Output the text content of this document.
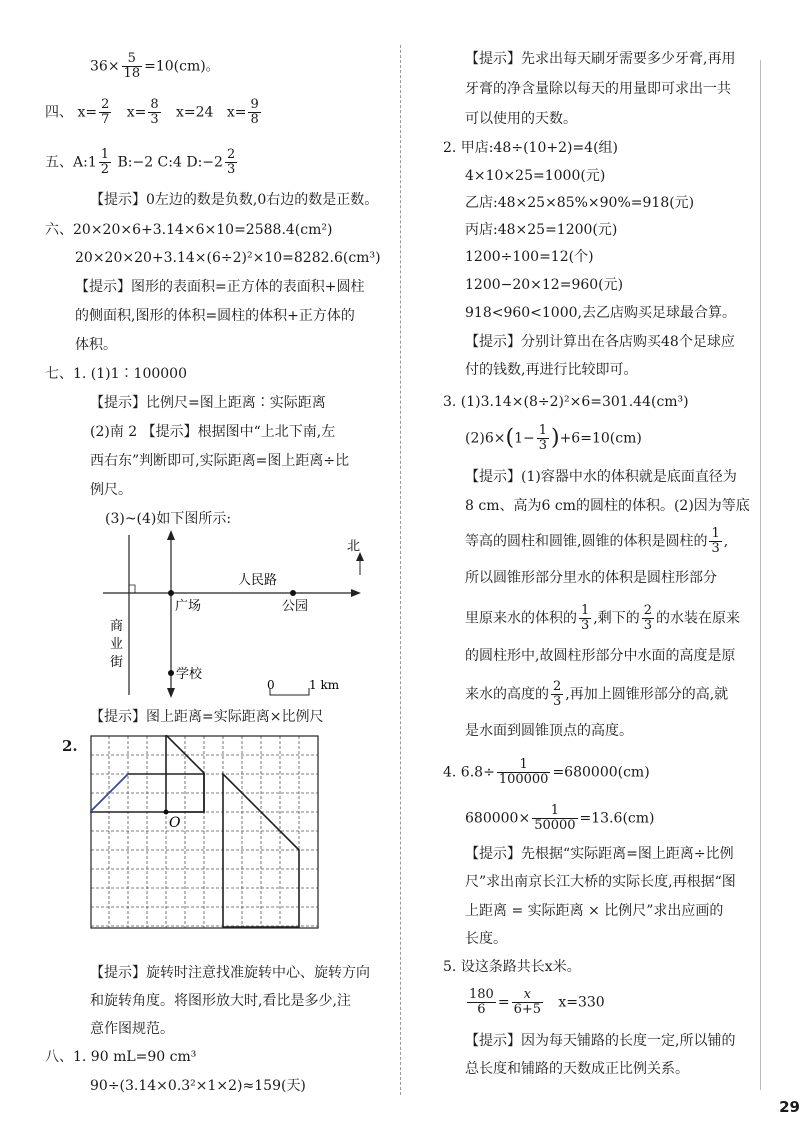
$36\times \frac{5}{18} =10(cm)$。
四、 $x= \frac{2}{7} x= \frac{8}{3} x=24$ $x= \frac{9}{8}$
五、A:1 $\frac{1}{2}$ B:−2 C:4 D:−2 $\frac{2}{3}$
【提示】0左边的数是负数,0右边的数是正数。
六、20×20×6+3.14×6×10=2588.4(cm²)
20×20×20+3.14×(6÷2)²×10=8282.6(cm³)
【提示】图形的表面积=正方体的表面积+圆柱
的侧面积,图形的体积=圆柱的体积+正方体的
体积。
七、1. (1)1∶100000
【提示】比例尺=图上距离∶实际距离
(2)南 2 【提示】根据图中“上北下南,左
西右东”判断即可,实际距离=图上距离÷比
例尺。
(3)~(4)如下图所示:
北
人民路
广场	公园
商
业
街
学校
0	1 km
【提示】图上距离=实际距离×比例尺
2.
O
【提示】旋转时注意找准旋转中心、旋转方向
和旋转角度。将图形放大时,看比是多少,注
意作图规范。
八、1. 90 mL=90 cm³
90÷(3.14×0.3²×1×2)≈159(天)
【提示】先求出每天刷牙需要多少牙膏,再用
牙膏的净含量除以每天的用量即可求出一共
可以使用的天数。
2. 甲店:48÷(10+2)=4(组)
4×10×25=1000(元)
乙店:48×25×85%×90%=918(元)
丙店:48×25=1200(元)
1200÷100=12(个)
1200−20×12=960(元)
918<960<1000,去乙店购买足球最合算。
【提示】分别计算出在各店购买48个足球应
付的钱数,再进行比较即可。
3. (1)3.14×(8÷2)²×6=301.44(cm³)
$(2)6\times(1- \frac{1}{3} )+6=10(cm)$
【提示】(1)容器中水的体积就是底面直径为
8 cm、高为6 cm的圆柱的体积。(2)因为等底
等高的圆柱和圆锥,圆锥的体积是圆柱的 $\frac{1}{3}$ ,
所以圆锥形部分里水的体积是圆柱形部分
里原来水的体积的 $\frac{1}{3}$ ,剩下的 $\frac{2}{3}$ 的水装在原来
的圆柱形中,故圆柱形部分中水面的高度是原
来水的高度的 $\frac{2}{3}$ ,再加上圆锥形部分的高,就
是水面到圆锥顶点的高度。
4. $6.8\div \frac{1}{100000} =680000(cm)$
$680000\times \frac{1}{50000} =13.6(cm)$
【提示】先根据“实际距离=图上距离÷比例
尺”求出南京长江大桥的实际长度,再根据“图
上距离 = 实际距离 × 比例尺”求出应画的
长度。
5. 设这条路共长x米。
$\frac{180}{6} = \frac{x}{6+5} x=330$
【提示】因为每天铺路的长度一定,所以铺的
总长度和铺路的天数成正比例关系。
29
